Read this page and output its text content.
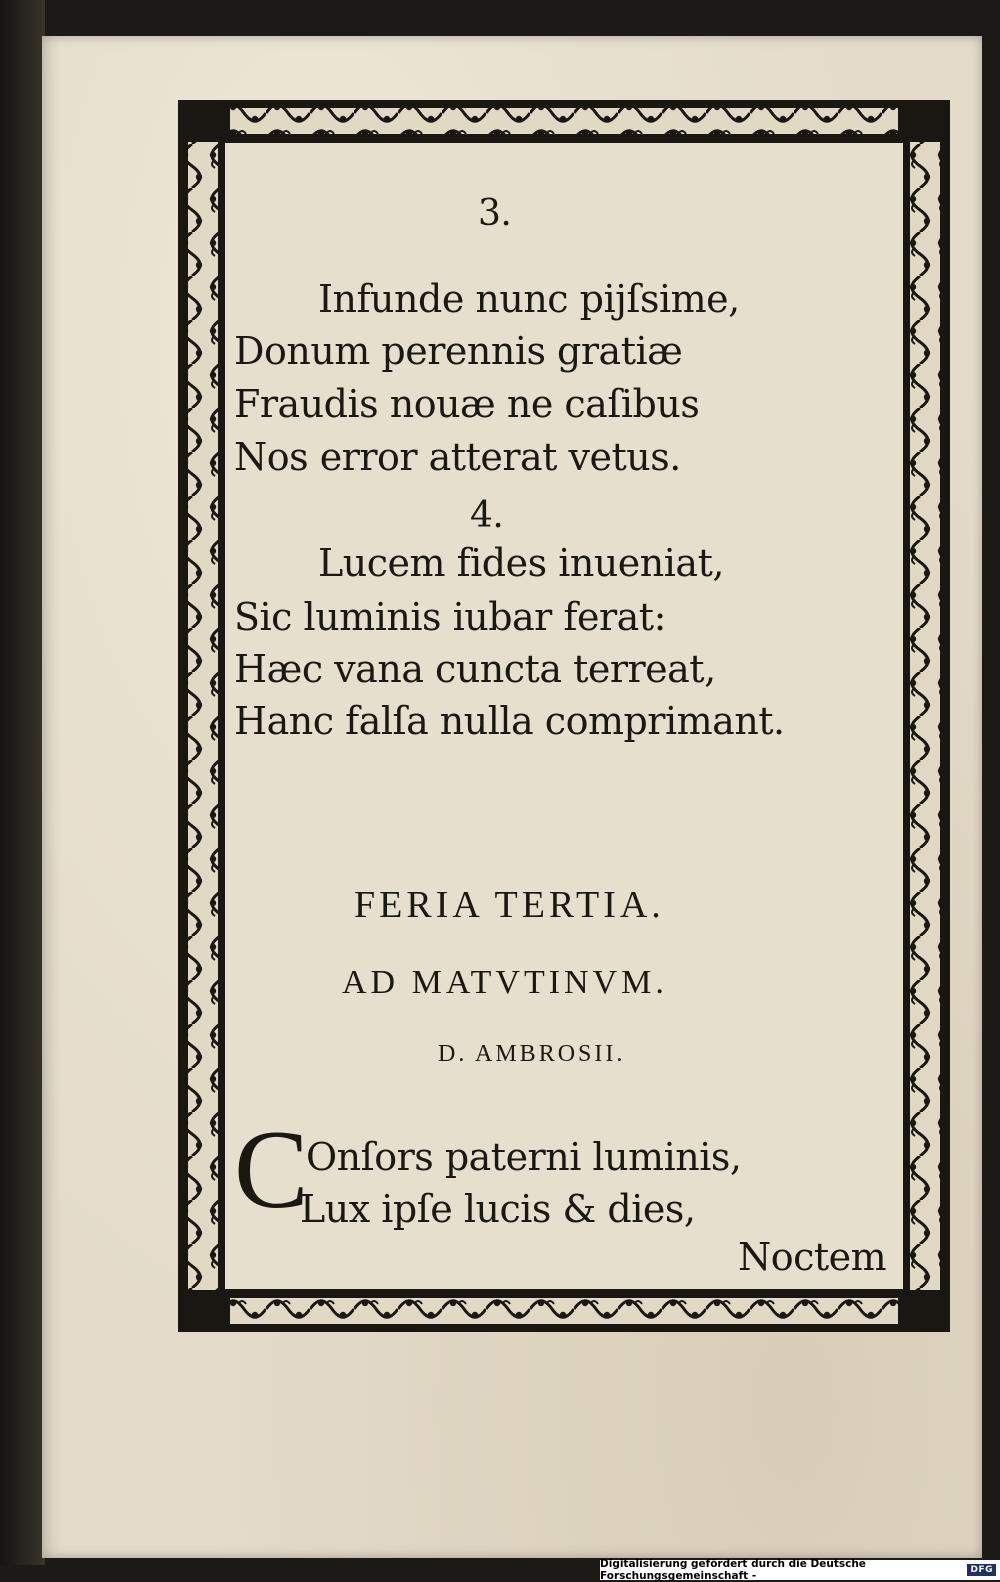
3.
Infunde nunc pijſsime,
Donum perennis gratiæ
Fraudis nouæ ne caſibus
Nos error atterat vetus.
4.
Lucem fides inueniat,
Sic luminis iubar ferat:
Hæc vana cuncta terreat,
Hanc falſa nulla comprimant.
FERIA TERTIA.
AD MATVTINVM.
D. AMBROSII.
C
Onſors paterni luminis,
Lux ipſe lucis & dies,
Noctem
Digitalisierung gefördert durch die Deutsche Forschungsgemeinschaft -	DFG
